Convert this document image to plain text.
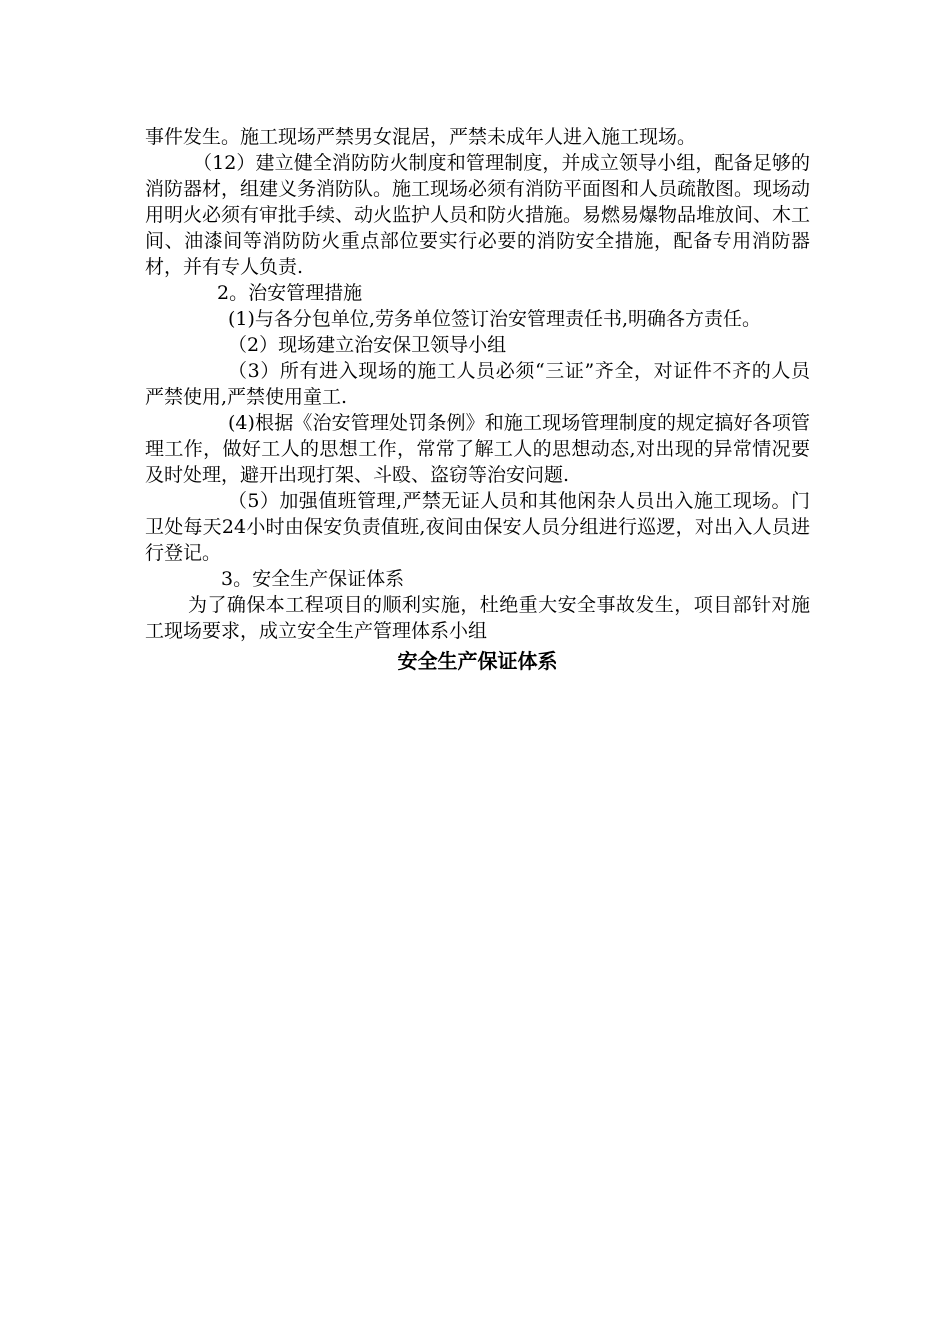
事件发生。施工现场严禁男女混居，严禁未成年人进入施工现场。

（12）建立健全消防防火制度和管理制度，并成立领导小组，配备足够的消防器材，组建义务消防队。施工现场必须有消防平面图和人员疏散图。现场动用明火必须有审批手续、动火监护人员和防火措施。易燃易爆物品堆放间、木工间、油漆间等消防防火重点部位要实行必要的消防安全措施，配备专用消防器材，并有专人负责.

2。治安管理措施

(1)与各分包单位,劳务单位签订治安管理责任书,明确各方责任。

（2）现场建立治安保卫领导小组

（3）所有进入现场的施工人员必须“三证”齐全，对证件不齐的人员严禁使用,严禁使用童工.

(4)根据《治安管理处罚条例》和施工现场管理制度的规定搞好各项管理工作，做好工人的思想工作，常常了解工人的思想动态,对出现的异常情况要及时处理，避开出现打架、斗殴、盗窃等治安问题.

（5）加强值班管理,严禁无证人员和其他闲杂人员出入施工现场。门卫处每天24小时由保安负责值班,夜间由保安人员分组进行巡逻，对出入人员进行登记。

3。安全生产保证体系

为了确保本工程项目的顺利实施，杜绝重大安全事故发生，项目部针对施工现场要求，成立安全生产管理体系小组

安全生产保证体系
